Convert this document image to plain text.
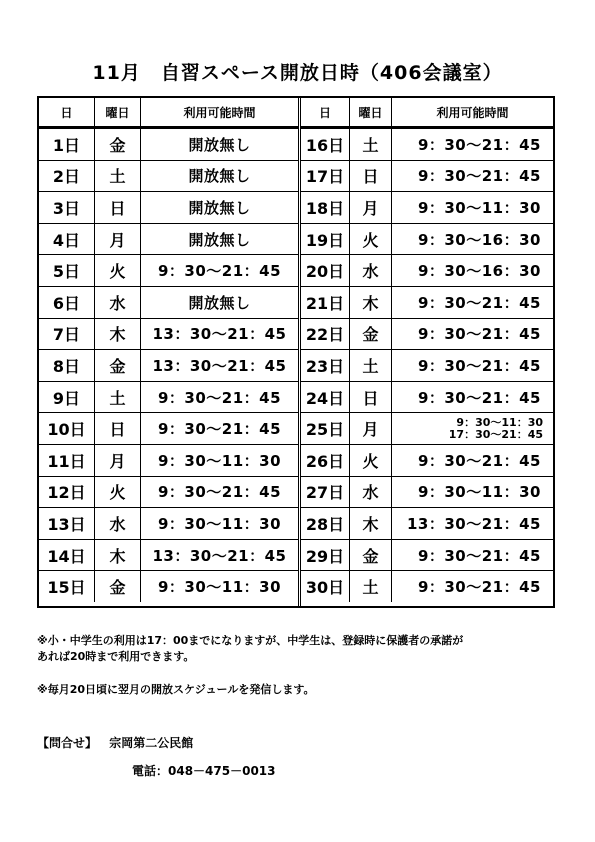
11月　自習スペース開放日時（406会議室）
日	曜日	利用可能時間
1日	金	開放無し
2日	土	開放無し
3日	日	開放無し
4日	月	開放無し
5日	火	9：30～21：45
6日	水	開放無し
7日	木	13：30～21：45
8日	金	13：30～21：45
9日	土	9：30～21：45
10日	日	9：30～21：45
11日	月	9：30～11：30
12日	火	9：30～21：45
13日	水	9：30～11：30
14日	木	13：30～21：45
15日	金	9：30～11：30
日	曜日	利用可能時間
16日	土	9：30～21：45
17日	日	9：30～21：45
18日	月	9：30～11：30
19日	火	9：30～16：30
20日	水	9：30～16：30
21日	木	9：30～21：45
22日	金	9：30～21：45
23日	土	9：30～21：45
24日	日	9：30～21：45
25日	月	9：30～11：30
17：30～21：45
26日	火	9：30～21：45
27日	水	9：30～11：30
28日	木	13：30～21：45
29日	金	9：30～21：45
30日	土	9：30～21：45
※小・中学生の利用は17：00までになりますが、中学生は、登録時に保護者の承諾が
あれば20時まで利用できます。
※毎月20日頃に翌月の開放スケジュールを発信します。
【問合せ】 宗岡第二公民館
電話：048－475－0013
